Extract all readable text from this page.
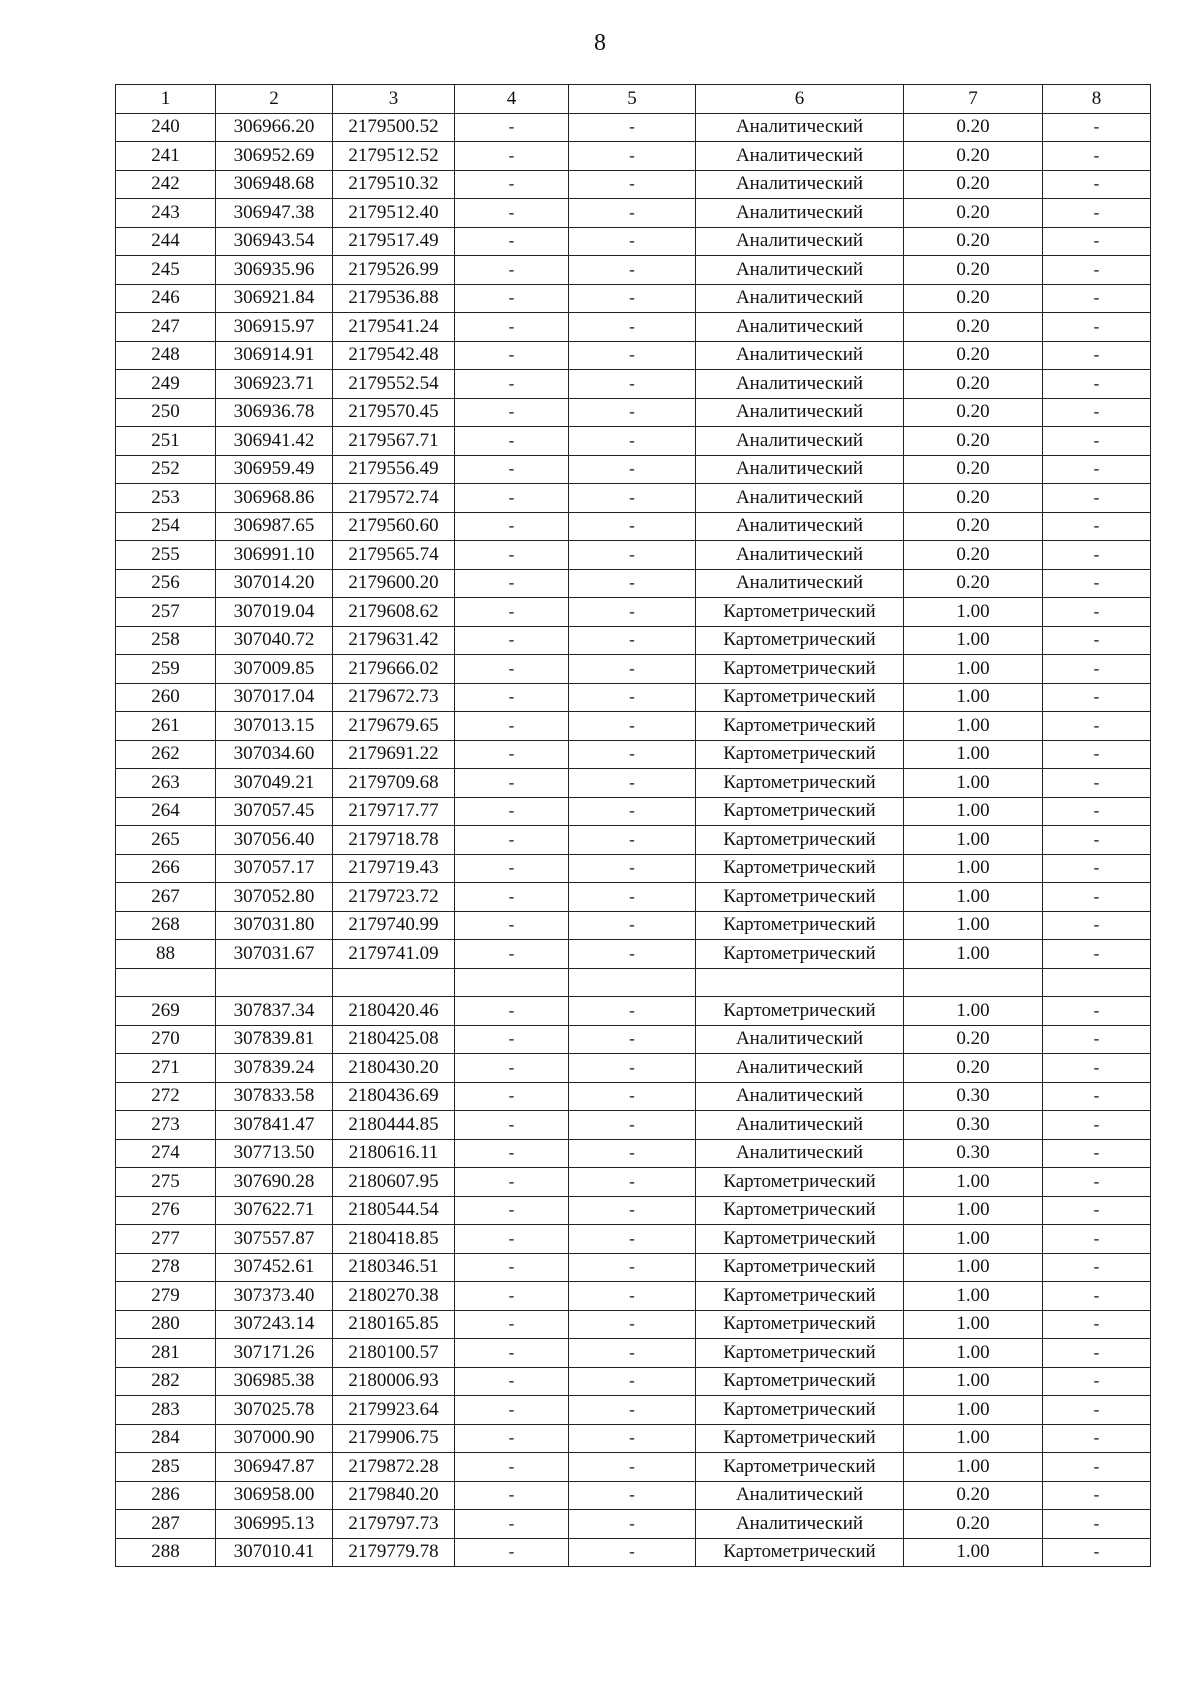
8
1	2	3	4	5	6	7	8
240	306966.20	2179500.52	-	-	Аналитический	0.20	-
241	306952.69	2179512.52	-	-	Аналитический	0.20	-
242	306948.68	2179510.32	-	-	Аналитический	0.20	-
243	306947.38	2179512.40	-	-	Аналитический	0.20	-
244	306943.54	2179517.49	-	-	Аналитический	0.20	-
245	306935.96	2179526.99	-	-	Аналитический	0.20	-
246	306921.84	2179536.88	-	-	Аналитический	0.20	-
247	306915.97	2179541.24	-	-	Аналитический	0.20	-
248	306914.91	2179542.48	-	-	Аналитический	0.20	-
249	306923.71	2179552.54	-	-	Аналитический	0.20	-
250	306936.78	2179570.45	-	-	Аналитический	0.20	-
251	306941.42	2179567.71	-	-	Аналитический	0.20	-
252	306959.49	2179556.49	-	-	Аналитический	0.20	-
253	306968.86	2179572.74	-	-	Аналитический	0.20	-
254	306987.65	2179560.60	-	-	Аналитический	0.20	-
255	306991.10	2179565.74	-	-	Аналитический	0.20	-
256	307014.20	2179600.20	-	-	Аналитический	0.20	-
257	307019.04	2179608.62	-	-	Картометрический	1.00	-
258	307040.72	2179631.42	-	-	Картометрический	1.00	-
259	307009.85	2179666.02	-	-	Картометрический	1.00	-
260	307017.04	2179672.73	-	-	Картометрический	1.00	-
261	307013.15	2179679.65	-	-	Картометрический	1.00	-
262	307034.60	2179691.22	-	-	Картометрический	1.00	-
263	307049.21	2179709.68	-	-	Картометрический	1.00	-
264	307057.45	2179717.77	-	-	Картометрический	1.00	-
265	307056.40	2179718.78	-	-	Картометрический	1.00	-
266	307057.17	2179719.43	-	-	Картометрический	1.00	-
267	307052.80	2179723.72	-	-	Картометрический	1.00	-
268	307031.80	2179740.99	-	-	Картометрический	1.00	-
88	307031.67	2179741.09	-	-	Картометрический	1.00	-

269	307837.34	2180420.46	-	-	Картометрический	1.00	-
270	307839.81	2180425.08	-	-	Аналитический	0.20	-
271	307839.24	2180430.20	-	-	Аналитический	0.20	-
272	307833.58	2180436.69	-	-	Аналитический	0.30	-
273	307841.47	2180444.85	-	-	Аналитический	0.30	-
274	307713.50	2180616.11	-	-	Аналитический	0.30	-
275	307690.28	2180607.95	-	-	Картометрический	1.00	-
276	307622.71	2180544.54	-	-	Картометрический	1.00	-
277	307557.87	2180418.85	-	-	Картометрический	1.00	-
278	307452.61	2180346.51	-	-	Картометрический	1.00	-
279	307373.40	2180270.38	-	-	Картометрический	1.00	-
280	307243.14	2180165.85	-	-	Картометрический	1.00	-
281	307171.26	2180100.57	-	-	Картометрический	1.00	-
282	306985.38	2180006.93	-	-	Картометрический	1.00	-
283	307025.78	2179923.64	-	-	Картометрический	1.00	-
284	307000.90	2179906.75	-	-	Картометрический	1.00	-
285	306947.87	2179872.28	-	-	Картометрический	1.00	-
286	306958.00	2179840.20	-	-	Аналитический	0.20	-
287	306995.13	2179797.73	-	-	Аналитический	0.20	-
288	307010.41	2179779.78	-	-	Картометрический	1.00	-
